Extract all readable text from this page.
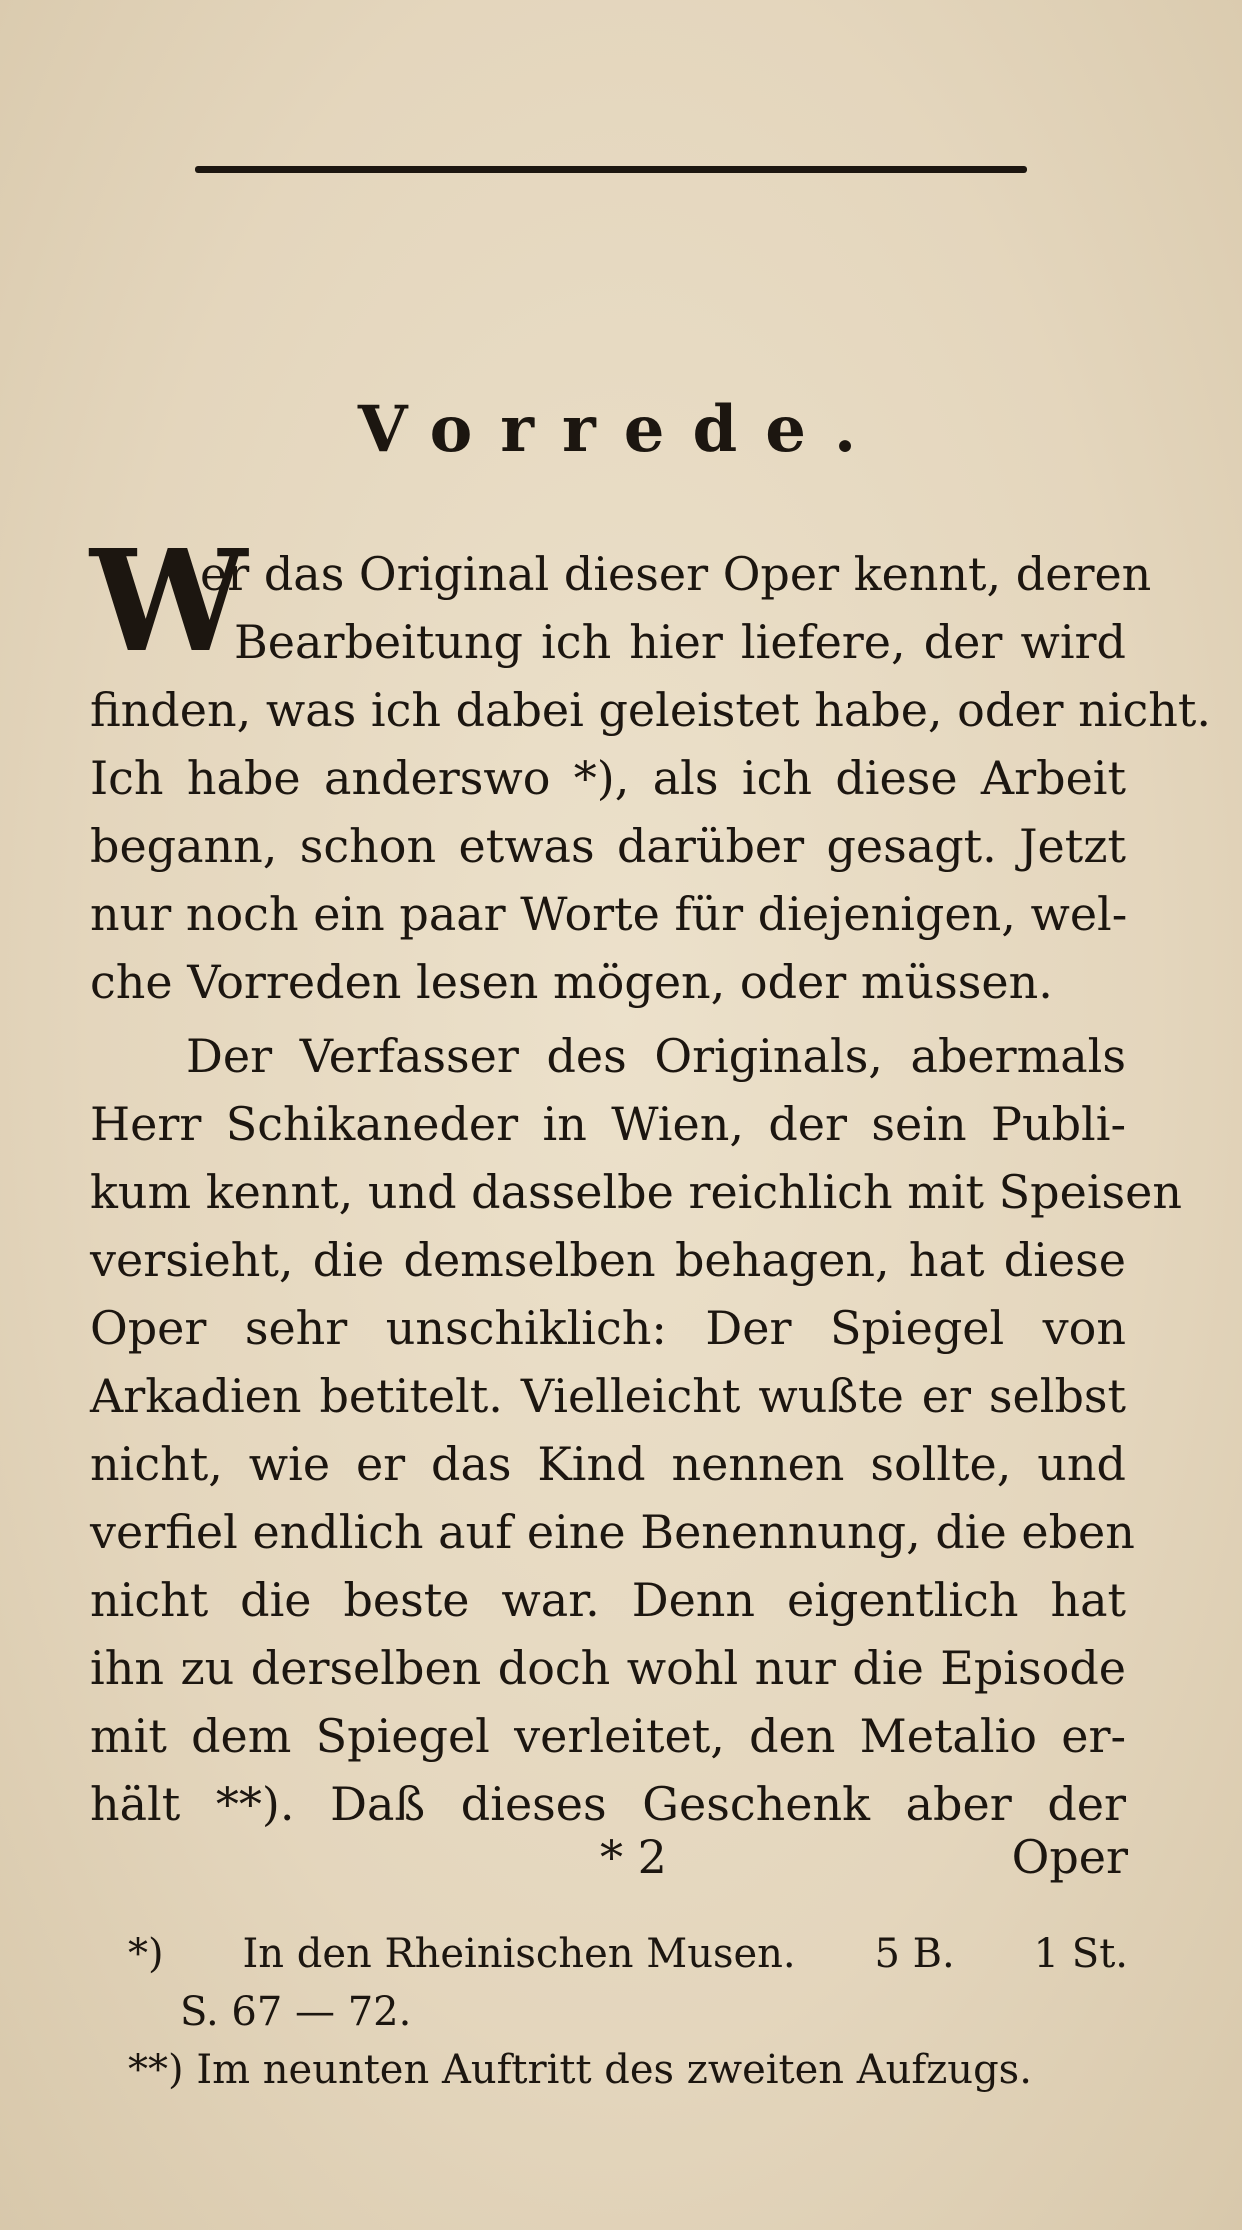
Vorrede.
W
er das Original dieser Oper kennt, deren
Bearbeitung ich hier liefere, der wird
finden, was ich dabei geleistet habe, oder nicht.
Ich habe anderswo *), als ich diese Arbeit
begann, schon etwas darüber gesagt. Jetzt
nur noch ein paar Worte für diejenigen, wel-
che Vorreden lesen mögen, oder müssen.
Der Verfasser des Originals, abermals
Herr Schikaneder in Wien, der sein Publi-
kum kennt, und dasselbe reichlich mit Speisen
versieht, die demselben behagen, hat diese
Oper sehr unschiklich: Der Spiegel von
Arkadien betitelt. Vielleicht wußte er selbst
nicht, wie er das Kind nennen sollte, und
verfiel endlich auf eine Benennung, die eben
nicht die beste war. Denn eigentlich hat
ihn zu derselben doch wohl nur die Episode
mit dem Spiegel verleitet, den Metalio er-
hält **). Daß dieses Geschenk aber der
* 2	Oper
*) In den Rheinischen Musen. 5 B. 1 St.
S. 67 — 72.
**) Im neunten Auftritt des zweiten Aufzugs.
